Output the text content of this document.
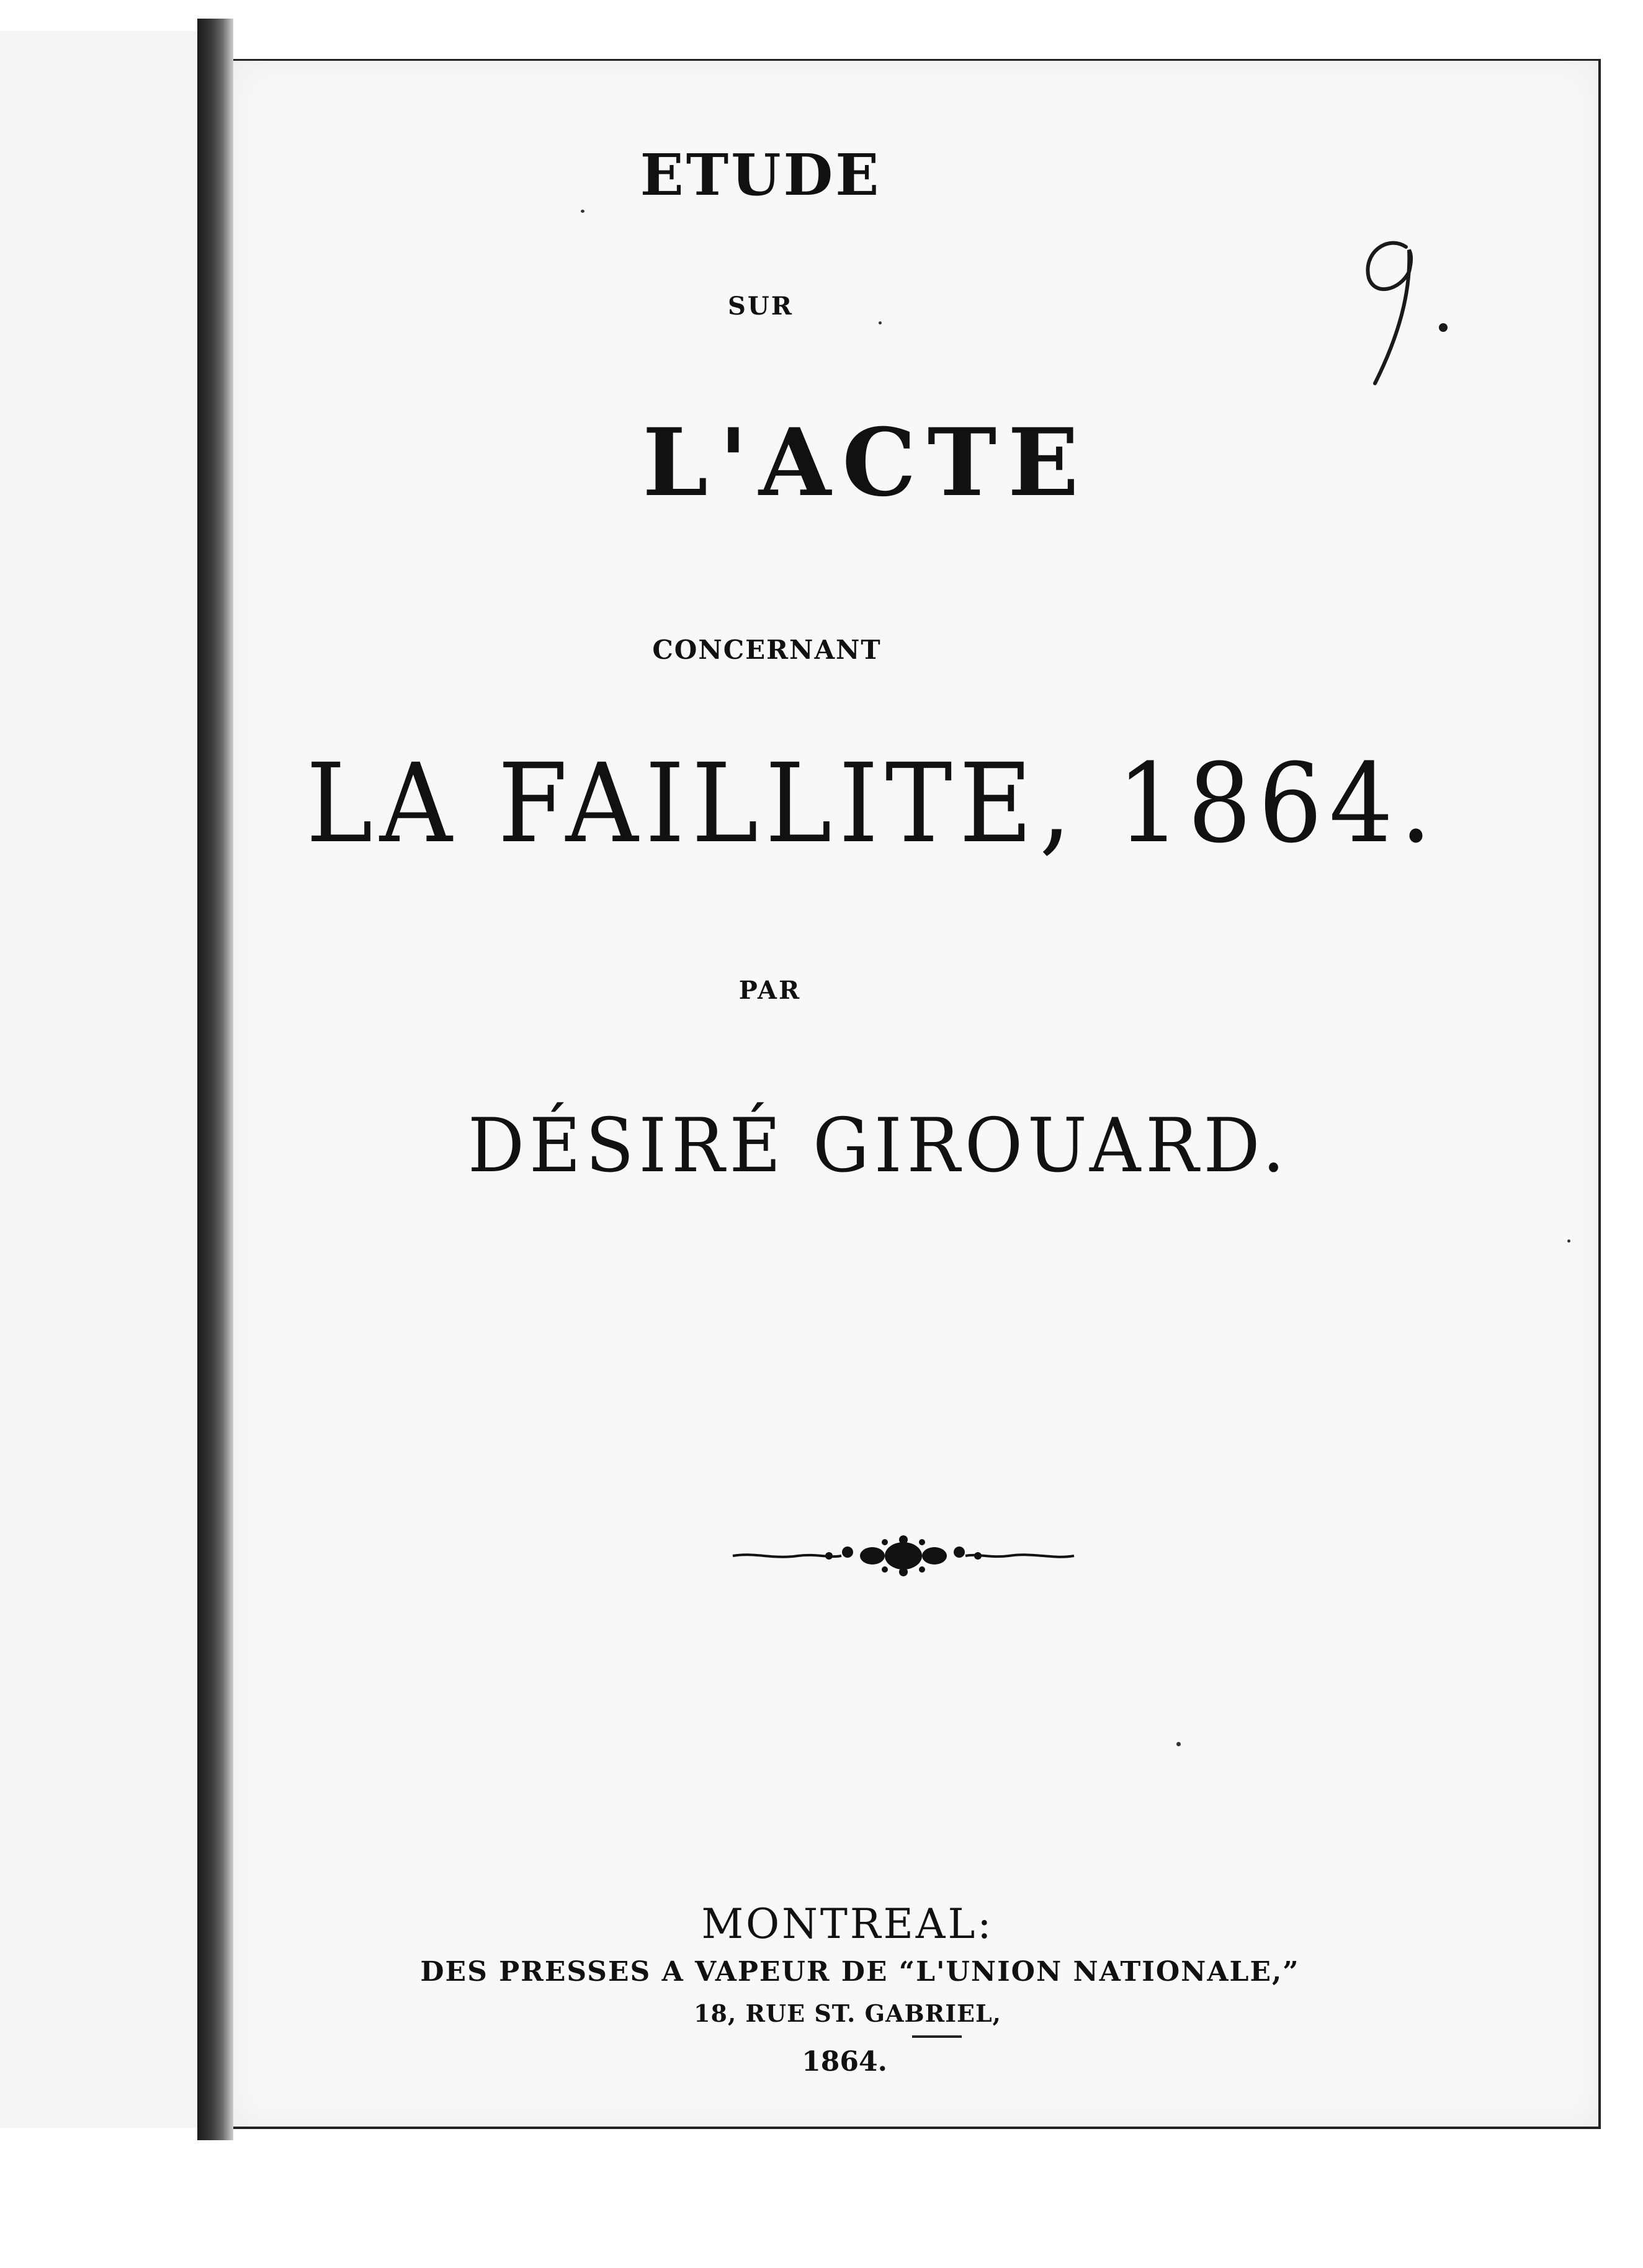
ETUDE
SUR
L'ACTE
CONCERNANT
LA FAILLITE, 1864.
PAR
DÉSIRÉ GIROUARD.
MONTREAL:
DES PRESSES A VAPEUR DE “L'UNION NATIONALE,”
18, RUE ST. GABRIEL,
1864.
